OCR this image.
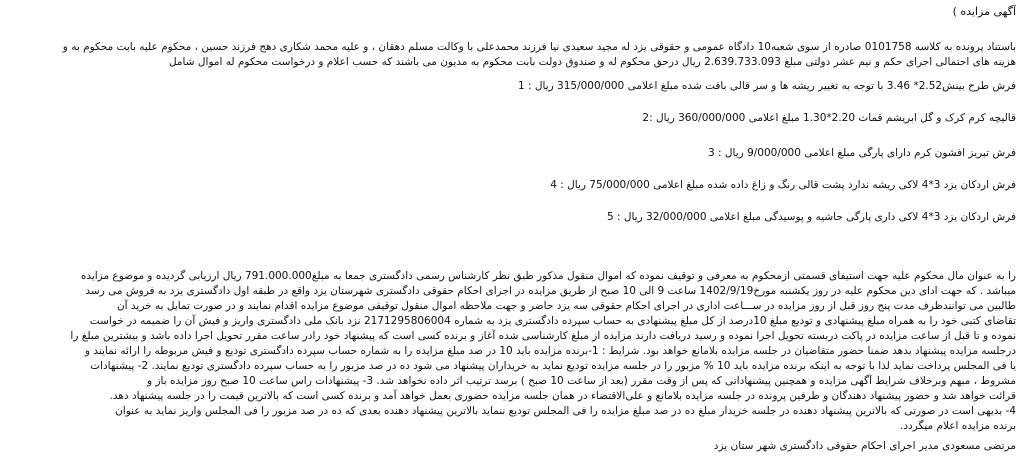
آگهی مزایده )
باستناد پرونده به کلاسه 0101758 صادره از سوی شعبه10 دادگاه عمومی و حقوقی یزد له مجید سعیدی نیا فرزند محمدعلی با وکالت مسلم دهقان ، و علیه محمد شکاری دهج فرزند حسین ، محکوم علیه بابت محکوم به و
هزینه های احتمالی اجرای حکم و نیم عشر دولتی مبلغ 2.639.733.093 ریال درحق محکوم له و صندوق دولت بابت محکوم به مدیون می باشند که حسب اعلام و درخواست محکوم له اموال شامل
فرش طرح بینش2.52* 3.46 با توجه به تغییر ریشه ها و سر قالی بافت شده مبلغ اعلامی 315/000/000 ریال : 1
قالیچه کرم کرک و گل ابریشم قمات 2.20*1.30 مبلغ اعلامی 360/000/000 ریال :2
فرش تبریز افشون کرم دارای پارگی مبلغ اعلامی 9/000/000 ریال : 3
فرش اردکان یزد 3*4 لاکی ریشه ندارد پشت قالی رنگ و زاغ داده شده مبلغ اعلامی 75/000/000 ریال : 4
فرش اردکان یزد 3*4 لاکی داری پارگی حاشیه و پوسیدگی مبلغ اعلامی 32/000/000 ریال : 5
را به عنوان مال محکوم علیه جهت استیفای قسمتی ازمحکوم به معرفی و توقیف نموده که اموال منقول مذکور طبق نظر کارشناس رسمی دادگستری جمعا به مبلغ791.000.000 ریال ارزیابی گردیده و موضوع مزایده
میباشد . که جهت ادای دین محکوم علیه در روز یکشنبه مورخ1402/9/19 ساعت 9 الی 10 صبح از طریق مزایده در اجرای احکام حقوقی دادگستری شهرستان یزد واقع در طبقه اول دادگستری یزد به فروش می رسد
طالبین می توانندظرف مدت پنج روز قبل از روز مزایده در ســـاعت اداری در اجرای احکام حقوقی سه یزد حاضر و جهت ملاحظه اموال منقول توقیفی موضوع مزایده اقدام نمایند و در صورت تمایل به خرید آن
تقاضای کتبی خود را به همراه مبلغ پیشنهادی و تودیع مبلغ 10درصد از کل مبلغ پیشنهادی به حساب سپرده دادگستری یزد به شماره 2171295806004 نزد بانک ملی دادگستری واریز و فیش آن را ضمیمه در خواست
نموده و تا قبل از ساعت مزایده در پاکت دربسته تحویل اجرا نموده و رسید دریافت دارند مزایده از مبلغ کارشناسی شده آغاز و برنده کسی است که پیشنهاد خود رادر ساعت مقرر تحویل اجرا داده باشد و بیشترین مبلغ را
درجلسه مزایده پیشنهاد بدهد ضمنا حضور متقاضیان در جلسه مزایده بلامانع خواهد بود. شرایط : 1-برنده مزایده باید 10 در صد مبلغ مزایده را به شماره حساب سپرده دادگستری تودیع و فیش مربوطه را ارائه نمایند و
یا فی المجلس پرداخت نماید لذا با توجه به اینکه برنده مزایده باید 10 % مزبور را در جلسه مزایده تودیع نماید به خریداران پیشنهاد می شود ده در صد مزبور را به حساب سپرده دادگستری تودیع نمایند. 2- پیشنهادات
مشروط ، مبهم وبرخلاف شرایط آگهی مزایده و همچنین پیشنهاداتی که پس از وقت مقرر (بعد از ساعت 10 صبح ) برسد ترتیب اثر داده نخواهد شد. 3- پیشنهادات راس ساعت 10 صبح روز مزایده باز و
قرائت خواهد شد و حضور پیشنهاد دهندگان و طرفین پرونده در جلسه مزایده بلامانع و علی‌الاقتضاء در همان جلسه مزایده حضوری بعمل خواهد آمد و برنده کسی است که بالاترین قیمت را در جلسه پیشنهاد دهد.
4- بدیهی است در صورتی که بالاترین پیشنهاد دهنده در جلسه خریدار مبلغ ده در صد مبلغ مزایده را فی المجلس تودیع ننماید بالاترین پیشنهاد دهنده بعدی که ده در صد مزبور را فی المجلس واریز نماید به عنوان
برنده مزایده اعلام میگردد.
مرتضی مسعودی مدیر اجرای احکام حقوقی دادگستری شهر ستان یزد
